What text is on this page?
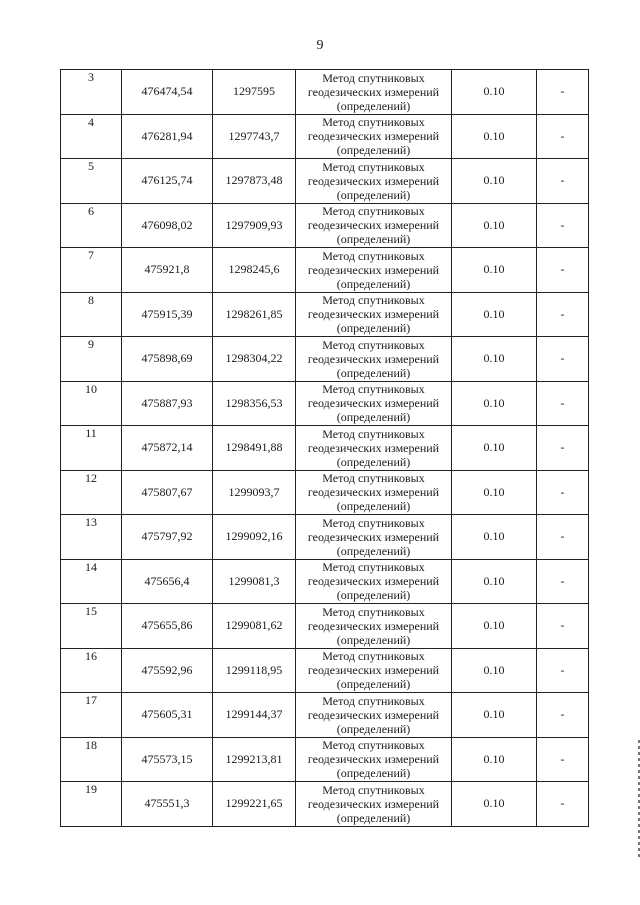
9
3	476474,54	1297595	Метод спутниковых
геодезических измерений
(определений)	0.10	-
4	476281,94	1297743,7	Метод спутниковых
геодезических измерений
(определений)	0.10	-
5	476125,74	1297873,48	Метод спутниковых
геодезических измерений
(определений)	0.10	-
6	476098,02	1297909,93	Метод спутниковых
геодезических измерений
(определений)	0.10	-
7	475921,8	1298245,6	Метод спутниковых
геодезических измерений
(определений)	0.10	-
8	475915,39	1298261,85	Метод спутниковых
геодезических измерений
(определений)	0.10	-
9	475898,69	1298304,22	Метод спутниковых
геодезических измерений
(определений)	0.10	-
10	475887,93	1298356,53	Метод спутниковых
геодезических измерений
(определений)	0.10	-
11	475872,14	1298491,88	Метод спутниковых
геодезических измерений
(определений)	0.10	-
12	475807,67	1299093,7	Метод спутниковых
геодезических измерений
(определений)	0.10	-
13	475797,92	1299092,16	Метод спутниковых
геодезических измерений
(определений)	0.10	-
14	475656,4	1299081,3	Метод спутниковых
геодезических измерений
(определений)	0.10	-
15	475655,86	1299081,62	Метод спутниковых
геодезических измерений
(определений)	0.10	-
16	475592,96	1299118,95	Метод спутниковых
геодезических измерений
(определений)	0.10	-
17	475605,31	1299144,37	Метод спутниковых
геодезических измерений
(определений)	0.10	-
18	475573,15	1299213,81	Метод спутниковых
геодезических измерений
(определений)	0.10	-
19	475551,3	1299221,65	Метод спутниковых
геодезических измерений
(определений)	0.10	-
